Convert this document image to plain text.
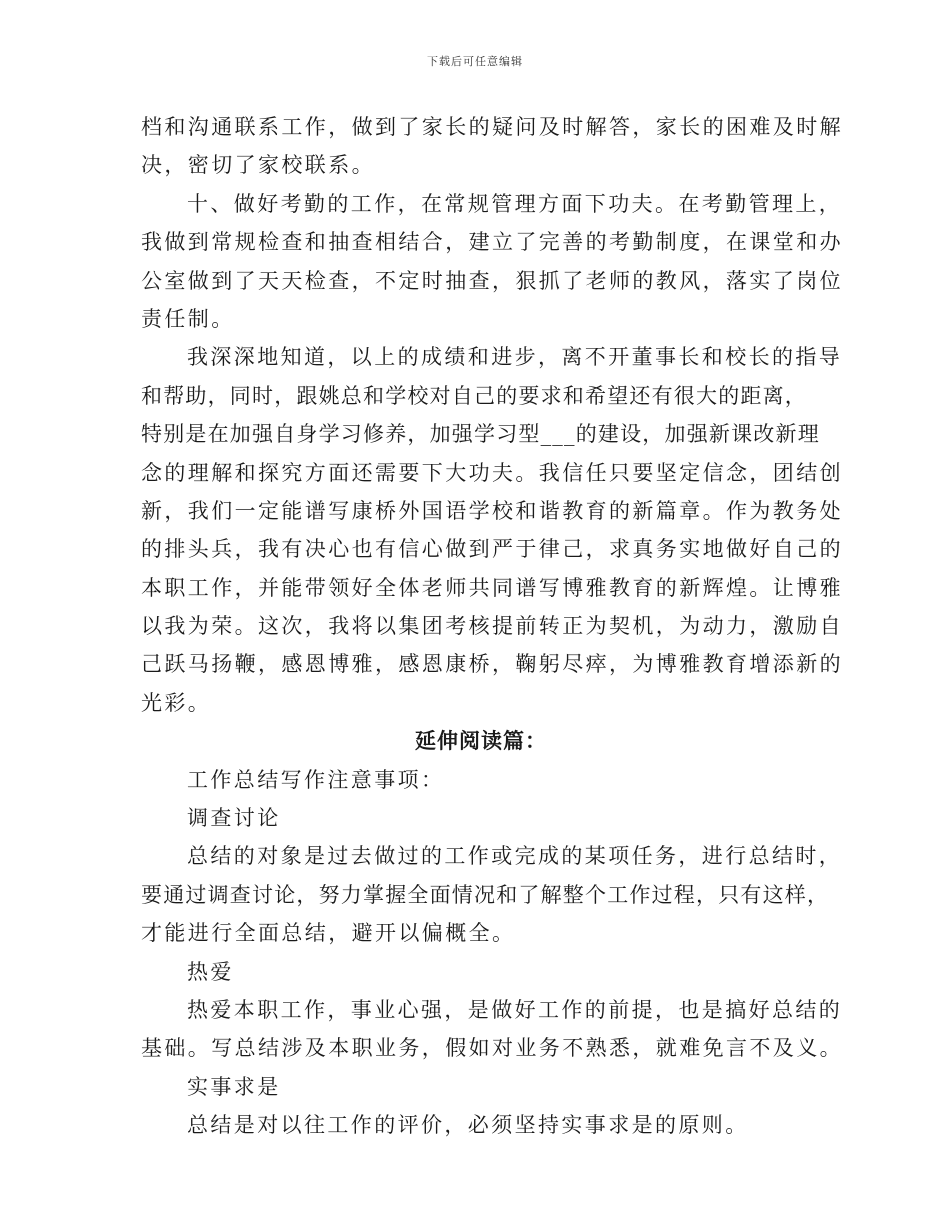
下载后可任意编辑
档和沟通联系工作，做到了家长的疑问及时解答，家长的困难及时解
决，密切了家校联系。
十、做好考勤的工作，在常规管理方面下功夫。在考勤管理上，
我做到常规检查和抽查相结合，建立了完善的考勤制度，在课堂和办
公室做到了天天检查，不定时抽查，狠抓了老师的教风，落实了岗位
责任制。
我深深地知道，以上的成绩和进步，离不开董事长和校长的指导
和帮助，同时，跟姚总和学校对自己的要求和希望还有很大的距离，
特别是在加强自身学习修养，加强学习型___的建设，加强新课改新理
念的理解和探究方面还需要下大功夫。我信任只要坚定信念，团结创
新，我们一定能谱写康桥外国语学校和谐教育的新篇章。作为教务处
的排头兵，我有决心也有信心做到严于律己，求真务实地做好自己的
本职工作，并能带领好全体老师共同谱写博雅教育的新辉煌。让博雅
以我为荣。这次，我将以集团考核提前转正为契机，为动力，激励自
己跃马扬鞭，感恩博雅，感恩康桥，鞠躬尽瘁，为博雅教育增添新的
光彩。
延伸阅读篇：
工作总结写作注意事项：
调查讨论
总结的对象是过去做过的工作或完成的某项任务，进行总结时，
要通过调查讨论，努力掌握全面情况和了解整个工作过程，只有这样，
才能进行全面总结，避开以偏概全。
热爱
热爱本职工作，事业心强，是做好工作的前提，也是搞好总结的
基础。写总结涉及本职业务，假如对业务不熟悉，就难免言不及义。
实事求是
总结是对以往工作的评价，必须坚持实事求是的原则。
